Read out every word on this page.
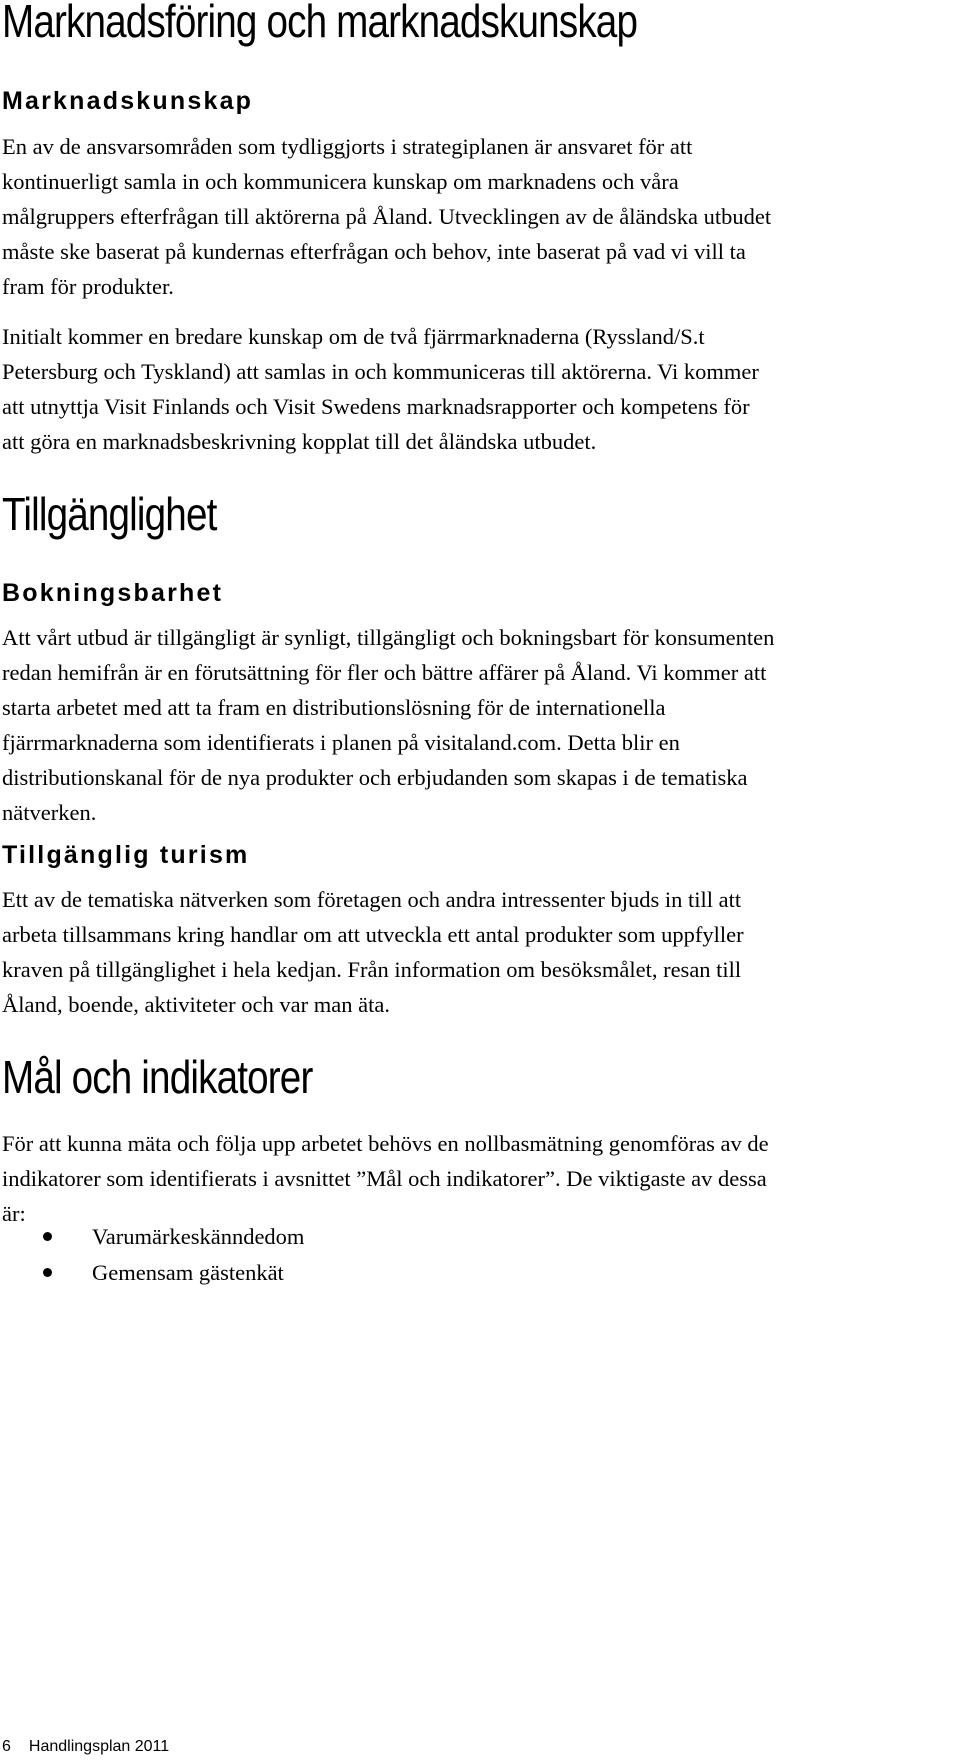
Marknadsföring och marknadskunskap
Marknadskunskap
En av de ansvarsområden som tydliggjorts i strategiplanen är ansvaret för att
kontinuerligt samla in och kommunicera kunskap om marknadens och våra
målgruppers efterfrågan till aktörerna på Åland. Utvecklingen av de åländska utbudet
måste ske baserat på kundernas efterfrågan och behov, inte baserat på vad vi vill ta
fram för produkter.
Initialt kommer en bredare kunskap om de två fjärrmarknaderna (Ryssland/S.t
Petersburg och Tyskland) att samlas in och kommuniceras till aktörerna. Vi kommer
att utnyttja Visit Finlands och Visit Swedens marknadsrapporter och kompetens för
att göra en marknadsbeskrivning kopplat till det åländska utbudet.
Tillgänglighet
Bokningsbarhet
Att vårt utbud är tillgängligt är synligt, tillgängligt och bokningsbart för konsumenten
redan hemifrån är en förutsättning för fler och bättre affärer på Åland. Vi kommer att
starta arbetet med att ta fram en distributionslösning för de internationella
fjärrmarknaderna som identifierats i planen på visitaland.com. Detta blir en
distributionskanal för de nya produkter och erbjudanden som skapas i de tematiska
nätverken.
Tillgänglig turism
Ett av de tematiska nätverken som företagen och andra intressenter bjuds in till att
arbeta tillsammans kring handlar om att utveckla ett antal produkter som uppfyller
kraven på tillgänglighet i hela kedjan. Från information om besöksmålet, resan till
Åland, boende, aktiviteter och var man äta.
Mål och indikatorer
För att kunna mäta och följa upp arbetet behövs en nollbasmätning genomföras av de
indikatorer som identifierats i avsnittet ”Mål och indikatorer”. De viktigaste av dessa
är:
Varumärkeskänndedom
Gemensam gästenkät
6 Handlingsplan 2011
